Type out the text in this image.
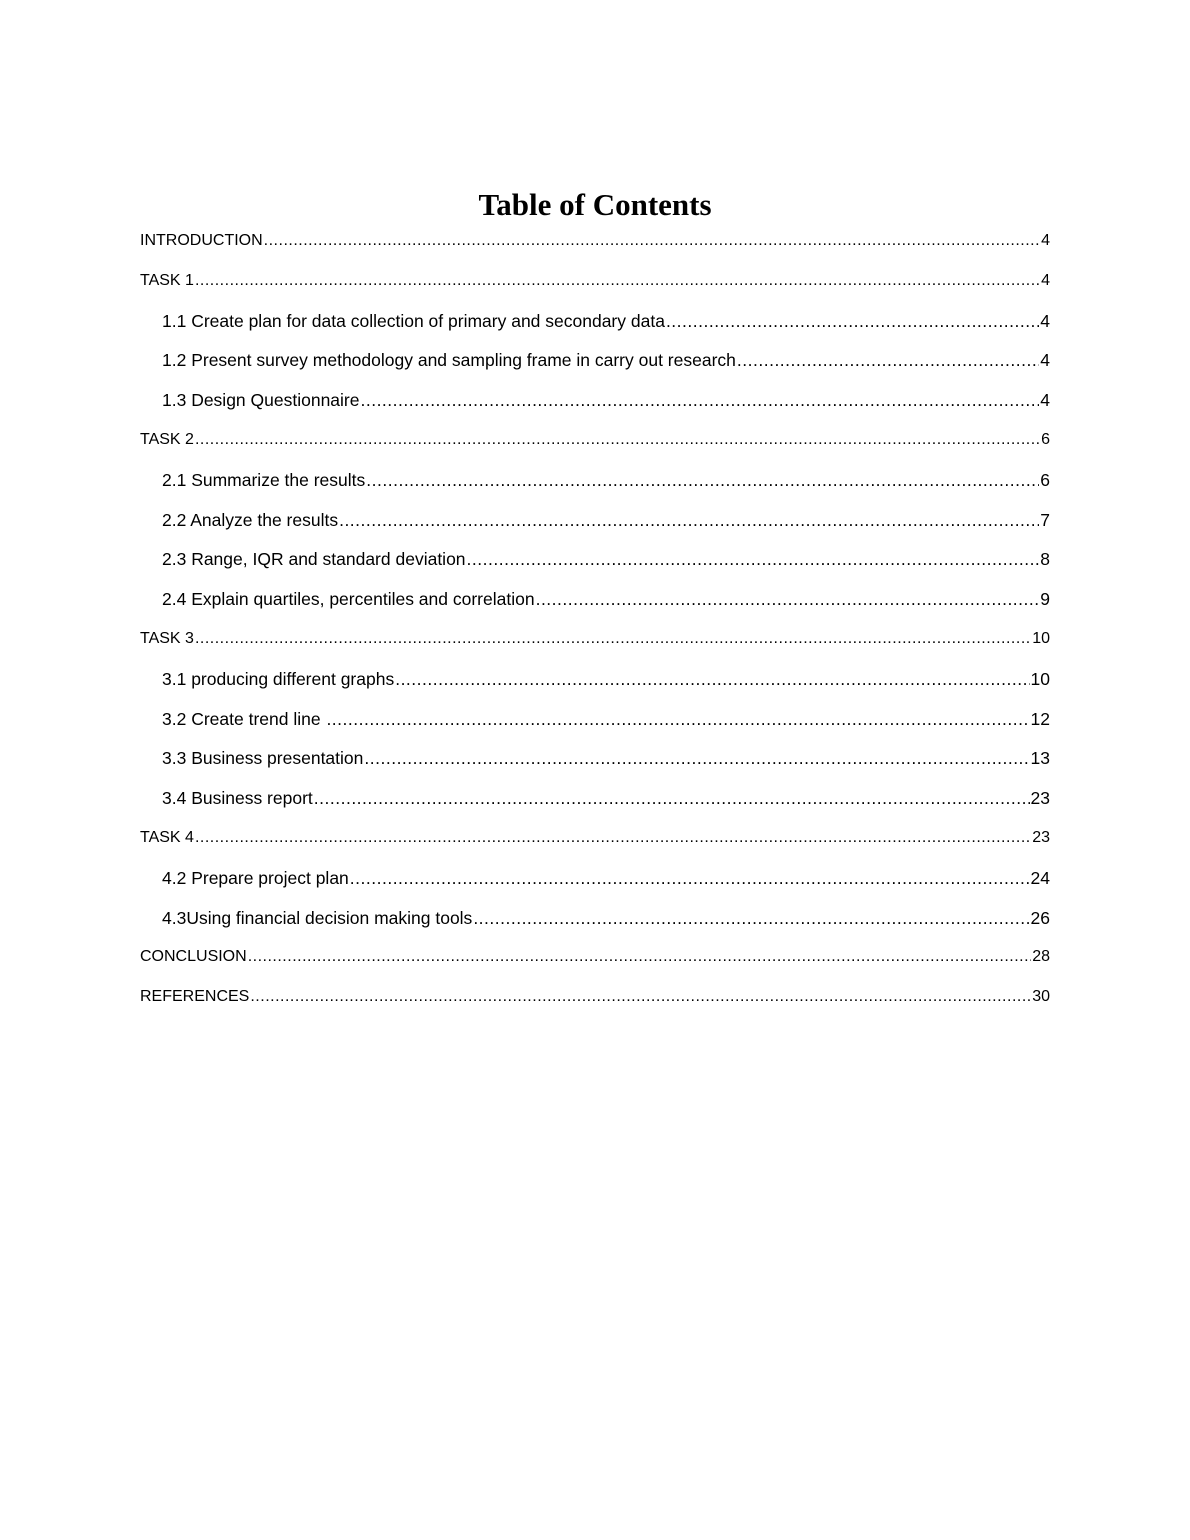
Table of Contents
INTRODUCTION .....	4
TASK 1 .....	4
1.1 Create plan for data collection of primary and secondary data .....	4
1.2 Present survey methodology and sampling frame in carry out research .....	4
1.3 Design Questionnaire .....	4
TASK 2 .....	6
2.1 Summarize the results .....	6
2.2 Analyze the results .....	7
2.3 Range, IQR and standard deviation .....	8
2.4 Explain quartiles, percentiles and correlation .....	9
TASK 3 .....	10
3.1 producing different graphs .....	10
3.2 Create trend line .....	12
3.3 Business presentation .....	13
3.4 Business report .....	23
TASK 4 .....	23
4.2 Prepare project plan .....	24
4.3Using financial decision making tools .....	26
CONCLUSION .....	28
REFERENCES .....	30
